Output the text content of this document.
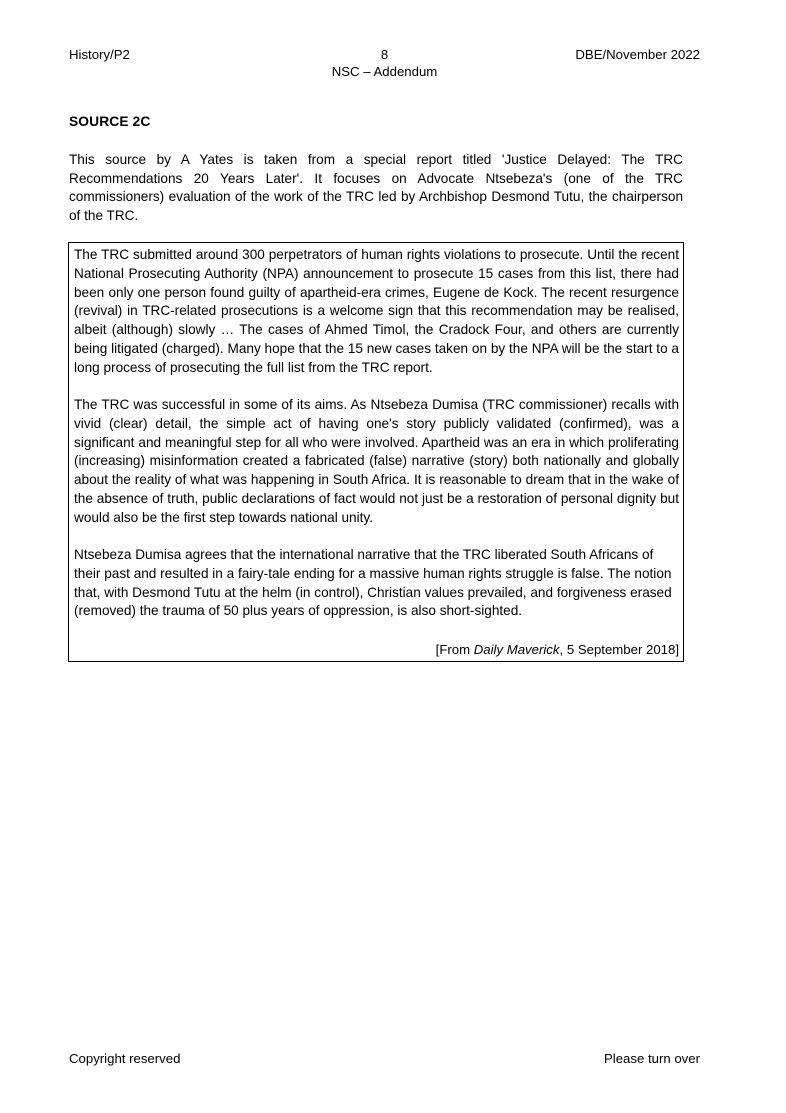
History/P2	8
NSC – Addendum
DBE/November 2022
SOURCE 2C
This source by A Yates is taken from a special report titled 'Justice Delayed: The TRC Recommendations 20 Years Later'. It focuses on Advocate Ntsebeza's (one of the TRC commissioners) evaluation of the work of the TRC led by Archbishop Desmond Tutu, the chairperson of the TRC.

The TRC submitted around 300 perpetrators of human rights violations to prosecute. Until the recent National Prosecuting Authority (NPA) announcement to prosecute 15 cases from this list, there had been only one person found guilty of apartheid-era crimes, Eugene de Kock. The recent resurgence (revival) in TRC-related prosecutions is a welcome sign that this recommendation may be realised, albeit (although) slowly … The cases of Ahmed Timol, the Cradock Four, and others are currently being litigated (charged). Many hope that the 15 new cases taken on by the NPA will be the start to a long process of prosecuting the full list from the TRC report.

The TRC was successful in some of its aims. As Ntsebeza Dumisa (TRC commissioner) recalls with vivid (clear) detail, the simple act of having one's story publicly validated (confirmed), was a significant and meaningful step for all who were involved. Apartheid was an era in which proliferating (increasing) misinformation created a fabricated (false) narrative (story) both nationally and globally about the reality of what was happening in South Africa. It is reasonable to dream that in the wake of the absence of truth, public declarations of fact would not just be a restoration of personal dignity but would also be the first step towards national unity.

Ntsebeza Dumisa agrees that the international narrative that the TRC liberated South Africans of their past and resulted in a fairy-tale ending for a massive human rights struggle is false. The notion that, with Desmond Tutu at the helm (in control), Christian values prevailed, and forgiveness erased (removed) the trauma of 50 plus years of oppression, is also short-sighted.

[From Daily Maverick, 5 September 2018]

Copyright reserved	Please turn over
